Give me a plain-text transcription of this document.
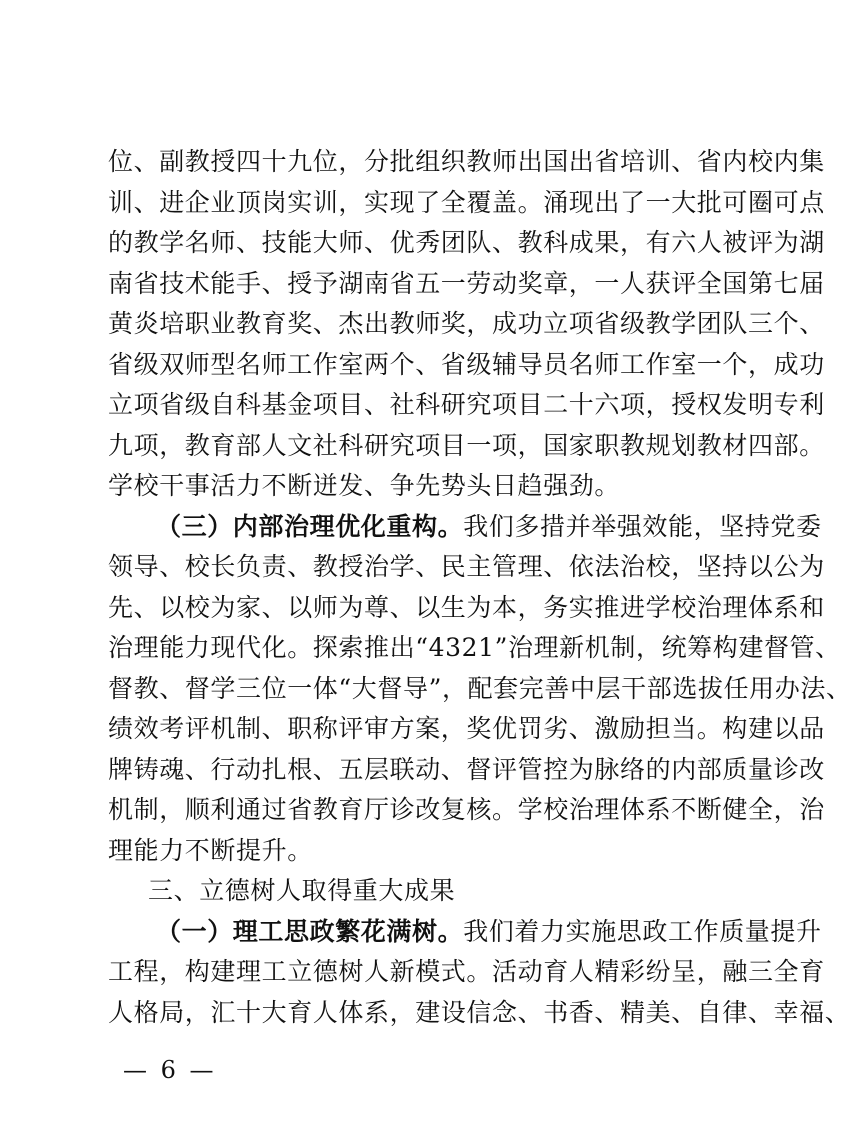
位、副教授四十九位，分批组织教师出国出省培训、省内校内集
训、进企业顶岗实训，实现了全覆盖。涌现出了一大批可圈可点
的教学名师、技能大师、优秀团队、教科成果，有六人被评为湖
南省技术能手、授予湖南省五一劳动奖章，一人获评全国第七届
黄炎培职业教育奖、杰出教师奖，成功立项省级教学团队三个、
省级双师型名师工作室两个、省级辅导员名师工作室一个，成功
立项省级自科基金项目、社科研究项目二十六项，授权发明专利
九项，教育部人文社科研究项目一项，国家职教规划教材四部。
学校干事活力不断迸发、争先势头日趋强劲。
（三）内部治理优化重构。我们多措并举强效能，坚持党委
领导、校长负责、教授治学、民主管理、依法治校，坚持以公为
先、以校为家、以师为尊、以生为本，务实推进学校治理体系和
治理能力现代化。探索推出“4321”治理新机制，统筹构建督管、
督教、督学三位一体“大督导”，配套完善中层干部选拔任用办法、
绩效考评机制、职称评审方案，奖优罚劣、激励担当。构建以品
牌铸魂、行动扎根、五层联动、督评管控为脉络的内部质量诊改
机制，顺利通过省教育厅诊改复核。学校治理体系不断健全，治
理能力不断提升。
三、立德树人取得重大成果
（一）理工思政繁花满树。我们着力实施思政工作质量提升
工程，构建理工立德树人新模式。活动育人精彩纷呈，融三全育
人格局，汇十大育人体系，建设信念、书香、精美、自律、幸福、
— 6 —
